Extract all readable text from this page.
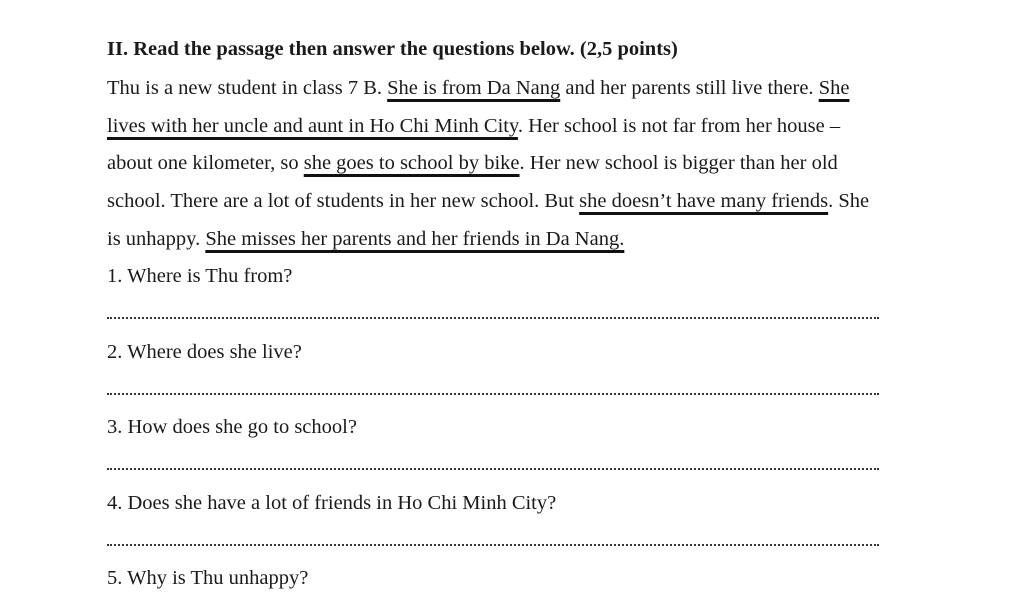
II. Read the passage then answer the questions below. (2,5 points)
Thu is a new student in class 7 B. She is from Da Nang and her parents still live there. She
lives with her uncle and aunt in Ho Chi Minh City. Her school is not far from her house –
about one kilometer, so she goes to school by bike. Her new school is bigger than her old
school. There are a lot of students in her new school. But she doesn’t have many friends. She
is unhappy. She misses her parents and her friends in Da Nang.
1. Where is Thu from?
2. Where does she live?
3. How does she go to school?
4. Does she have a lot of friends in Ho Chi Minh City?
5. Why is Thu unhappy?
